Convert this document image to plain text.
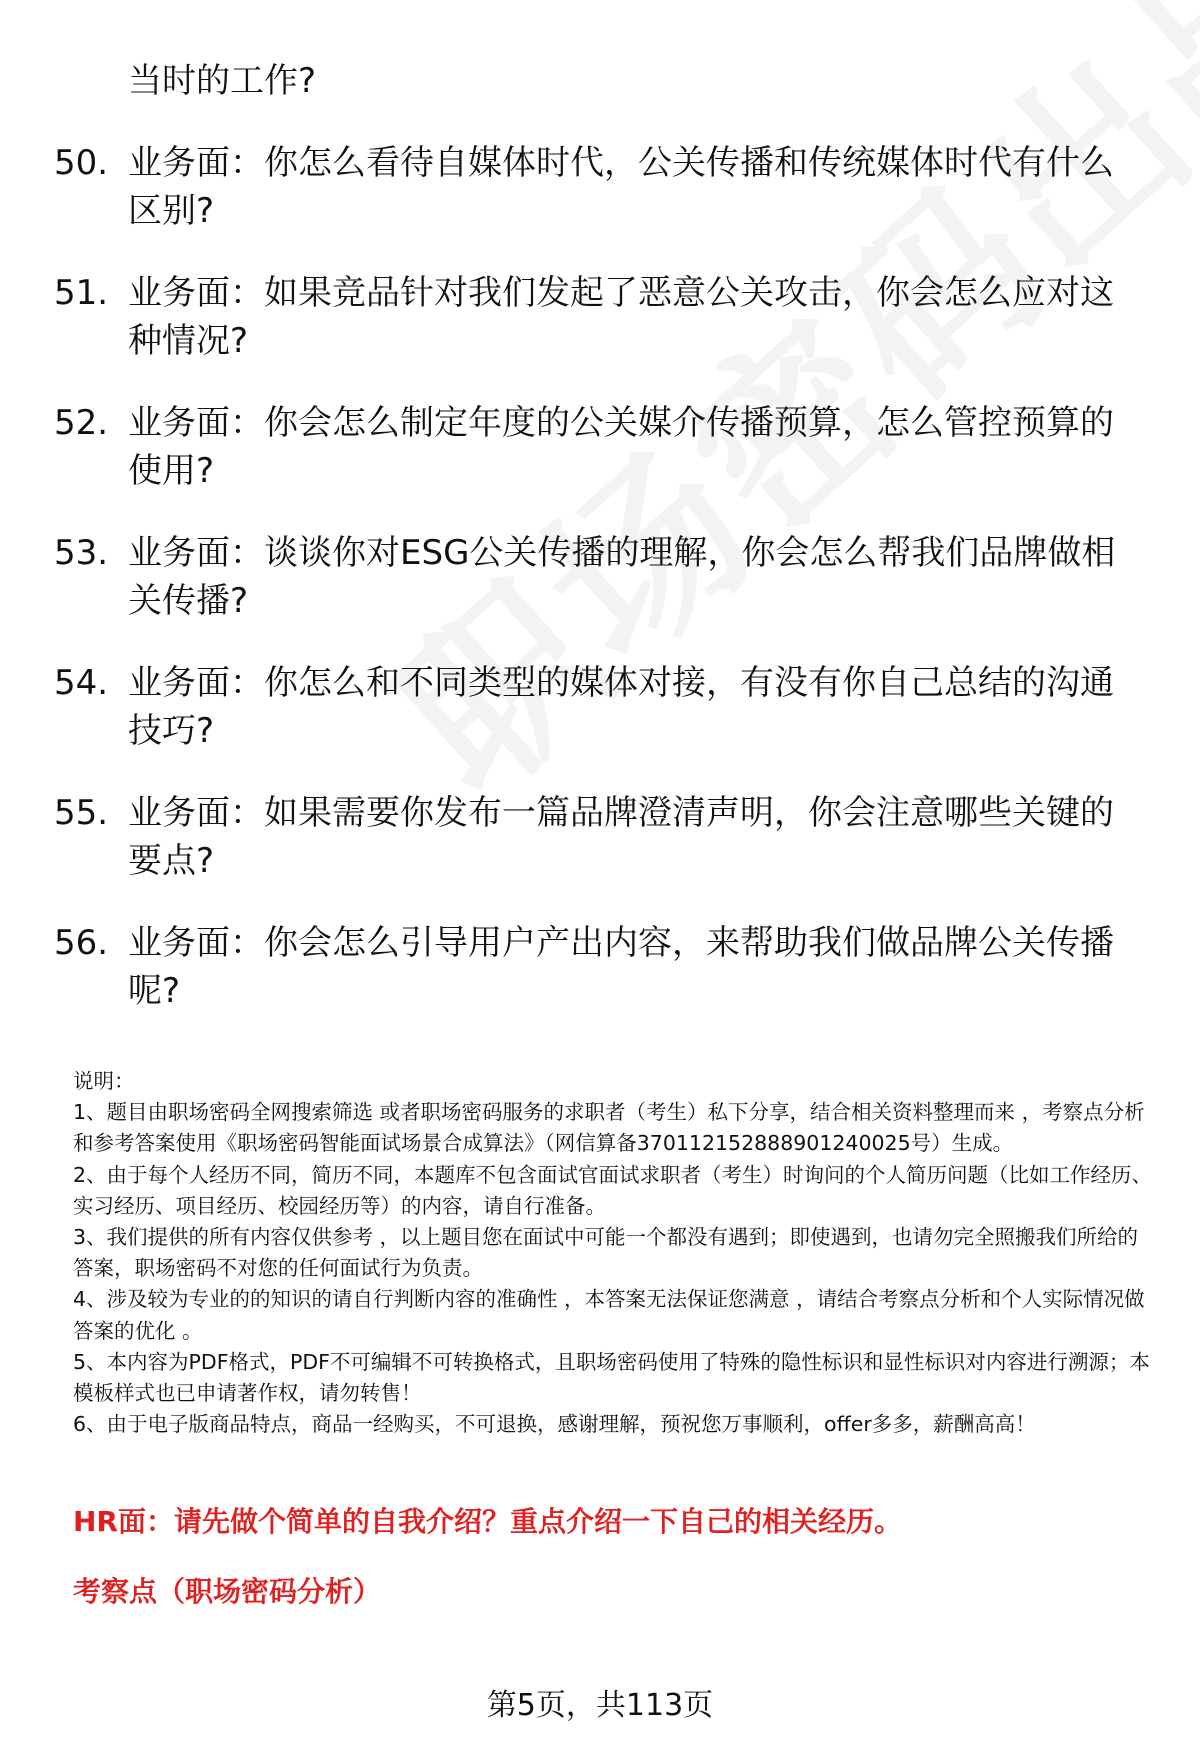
当时的工作?
50. 业务面：你怎么看待自媒体时代，公关传播和传统媒体时代有什么区别?
51. 业务面：如果竞品针对我们发起了恶意公关攻击，你会怎么应对这种情况?
52. 业务面：你会怎么制定年度的公关媒介传播预算，怎么管控预算的使用?
53. 业务面：谈谈你对ESG公关传播的理解，你会怎么帮我们品牌做相关传播?
54. 业务面：你怎么和不同类型的媒体对接，有没有你自己总结的沟通技巧?
55. 业务面：如果需要你发布一篇品牌澄清声明，你会注意哪些关键的要点?
56. 业务面：你会怎么引导用户产出内容，来帮助我们做品牌公关传播呢?

说明：

1、题目由职场密码全网搜索筛选 或者职场密码服务的求职者（考生）私下分享，结合相关资料整理而来 ，考察点分析和参考答案使用《职场密码智能面试场景合成算法》（网信算备370112152888901240025号）生成。

2、由于每个人经历不同，简历不同，本题库不包含面试官面试求职者（考生）时询问的个人简历问题（比如工作经历、实习经历、项目经历、校园经历等）的内容，请自行准备。

3、我们提供的所有内容仅供参考 ，以上题目您在面试中可能一个都没有遇到；即使遇到，也请勿完全照搬我们所给的答案，职场密码不对您的任何面试行为负责。

4、涉及较为专业的的知识的请自行判断内容的准确性 ，本答案无法保证您满意 ，请结合考察点分析和个人实际情况做答案的优化 。

5、本内容为PDF格式，PDF不可编辑不可转换格式，且职场密码使用了特殊的隐性标识和显性标识对内容进行溯源；本模板样式也已申请著作权，请勿转售！

6、由于电子版商品特点，商品一经购买，不可退换，感谢理解，预祝您万事顺利，offer多多，薪酬高高！

HR面：请先做个简单的自我介绍？重点介绍一下自己的相关经历。
考察点（职场密码分析）
第5页，共113页
